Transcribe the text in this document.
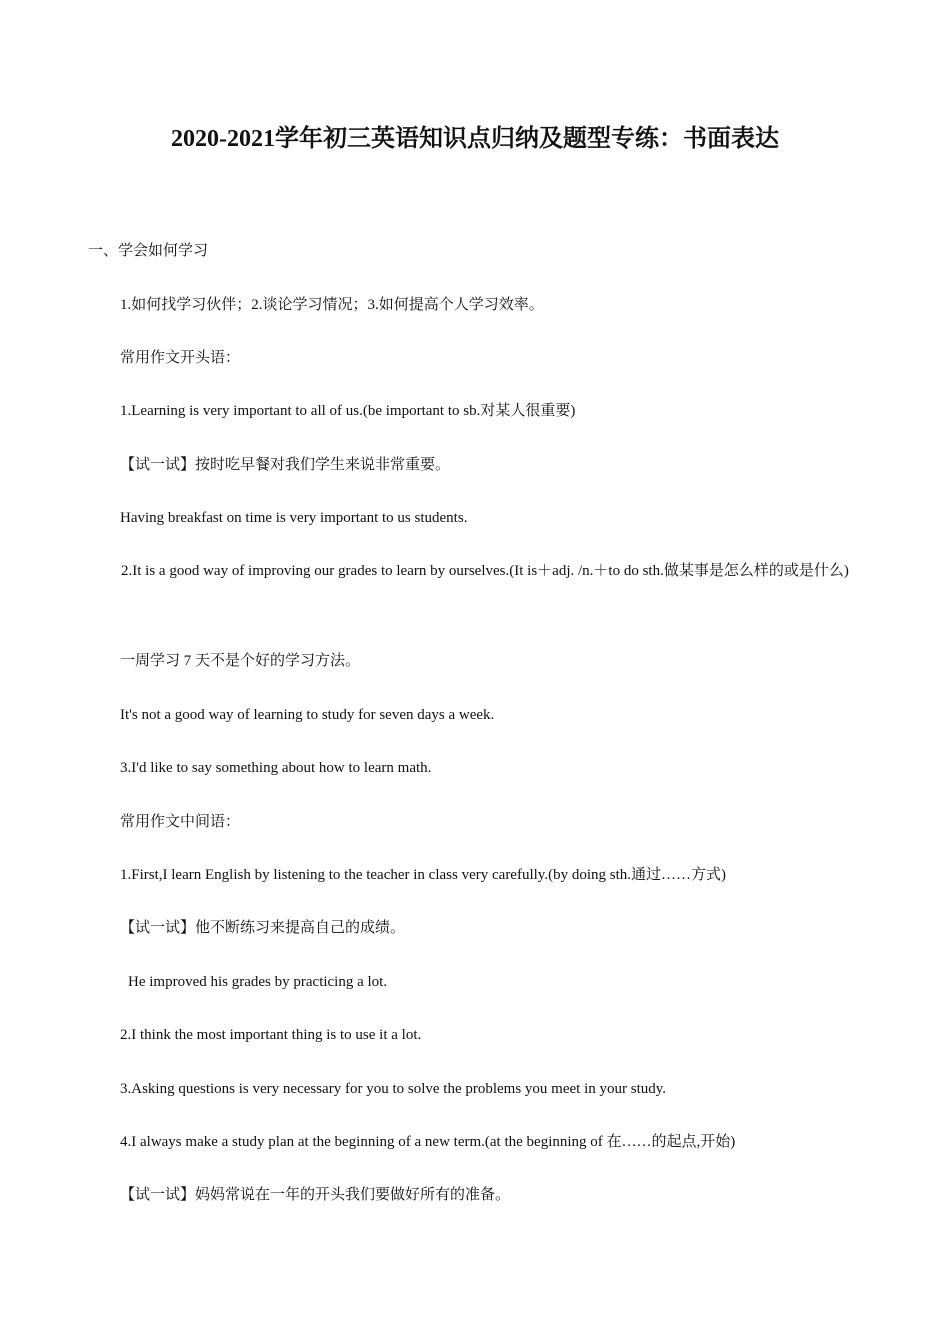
2020-2021学年初三英语知识点归纳及题型专练：书面表达
一、学会如何学习
1.如何找学习伙伴；2.谈论学习情况；3.如何提高个人学习效率。
常用作文开头语：
1.Learning is very important to all of us.(be important to sb.对某人很重要)
【试一试】按时吃早餐对我们学生来说非常重要。
Having breakfast on time is very important to us students.
2.It is a good way of improving our grades to learn by ourselves.(It is＋adj. /n.＋to do sth.做某事是怎么样的或是什么)
一周学习 7 天不是个好的学习方法。
It's not a good way of learning to study for seven days a week.
3.I'd like to say something about how to learn math.
常用作文中间语：
1.First,I learn English by listening to the teacher in class very carefully.(by doing sth.通过……方式)
【试一试】他不断练习来提高自己的成绩。
He improved his grades by practicing a lot.
2.I think the most important thing is to use it a lot.
3.Asking questions is very necessary for you to solve the problems you meet in your study.
4.I always make a study plan at the beginning of a new term.(at the beginning of 在……的起点,开始)
【试一试】妈妈常说在一年的开头我们要做好所有的准备。
